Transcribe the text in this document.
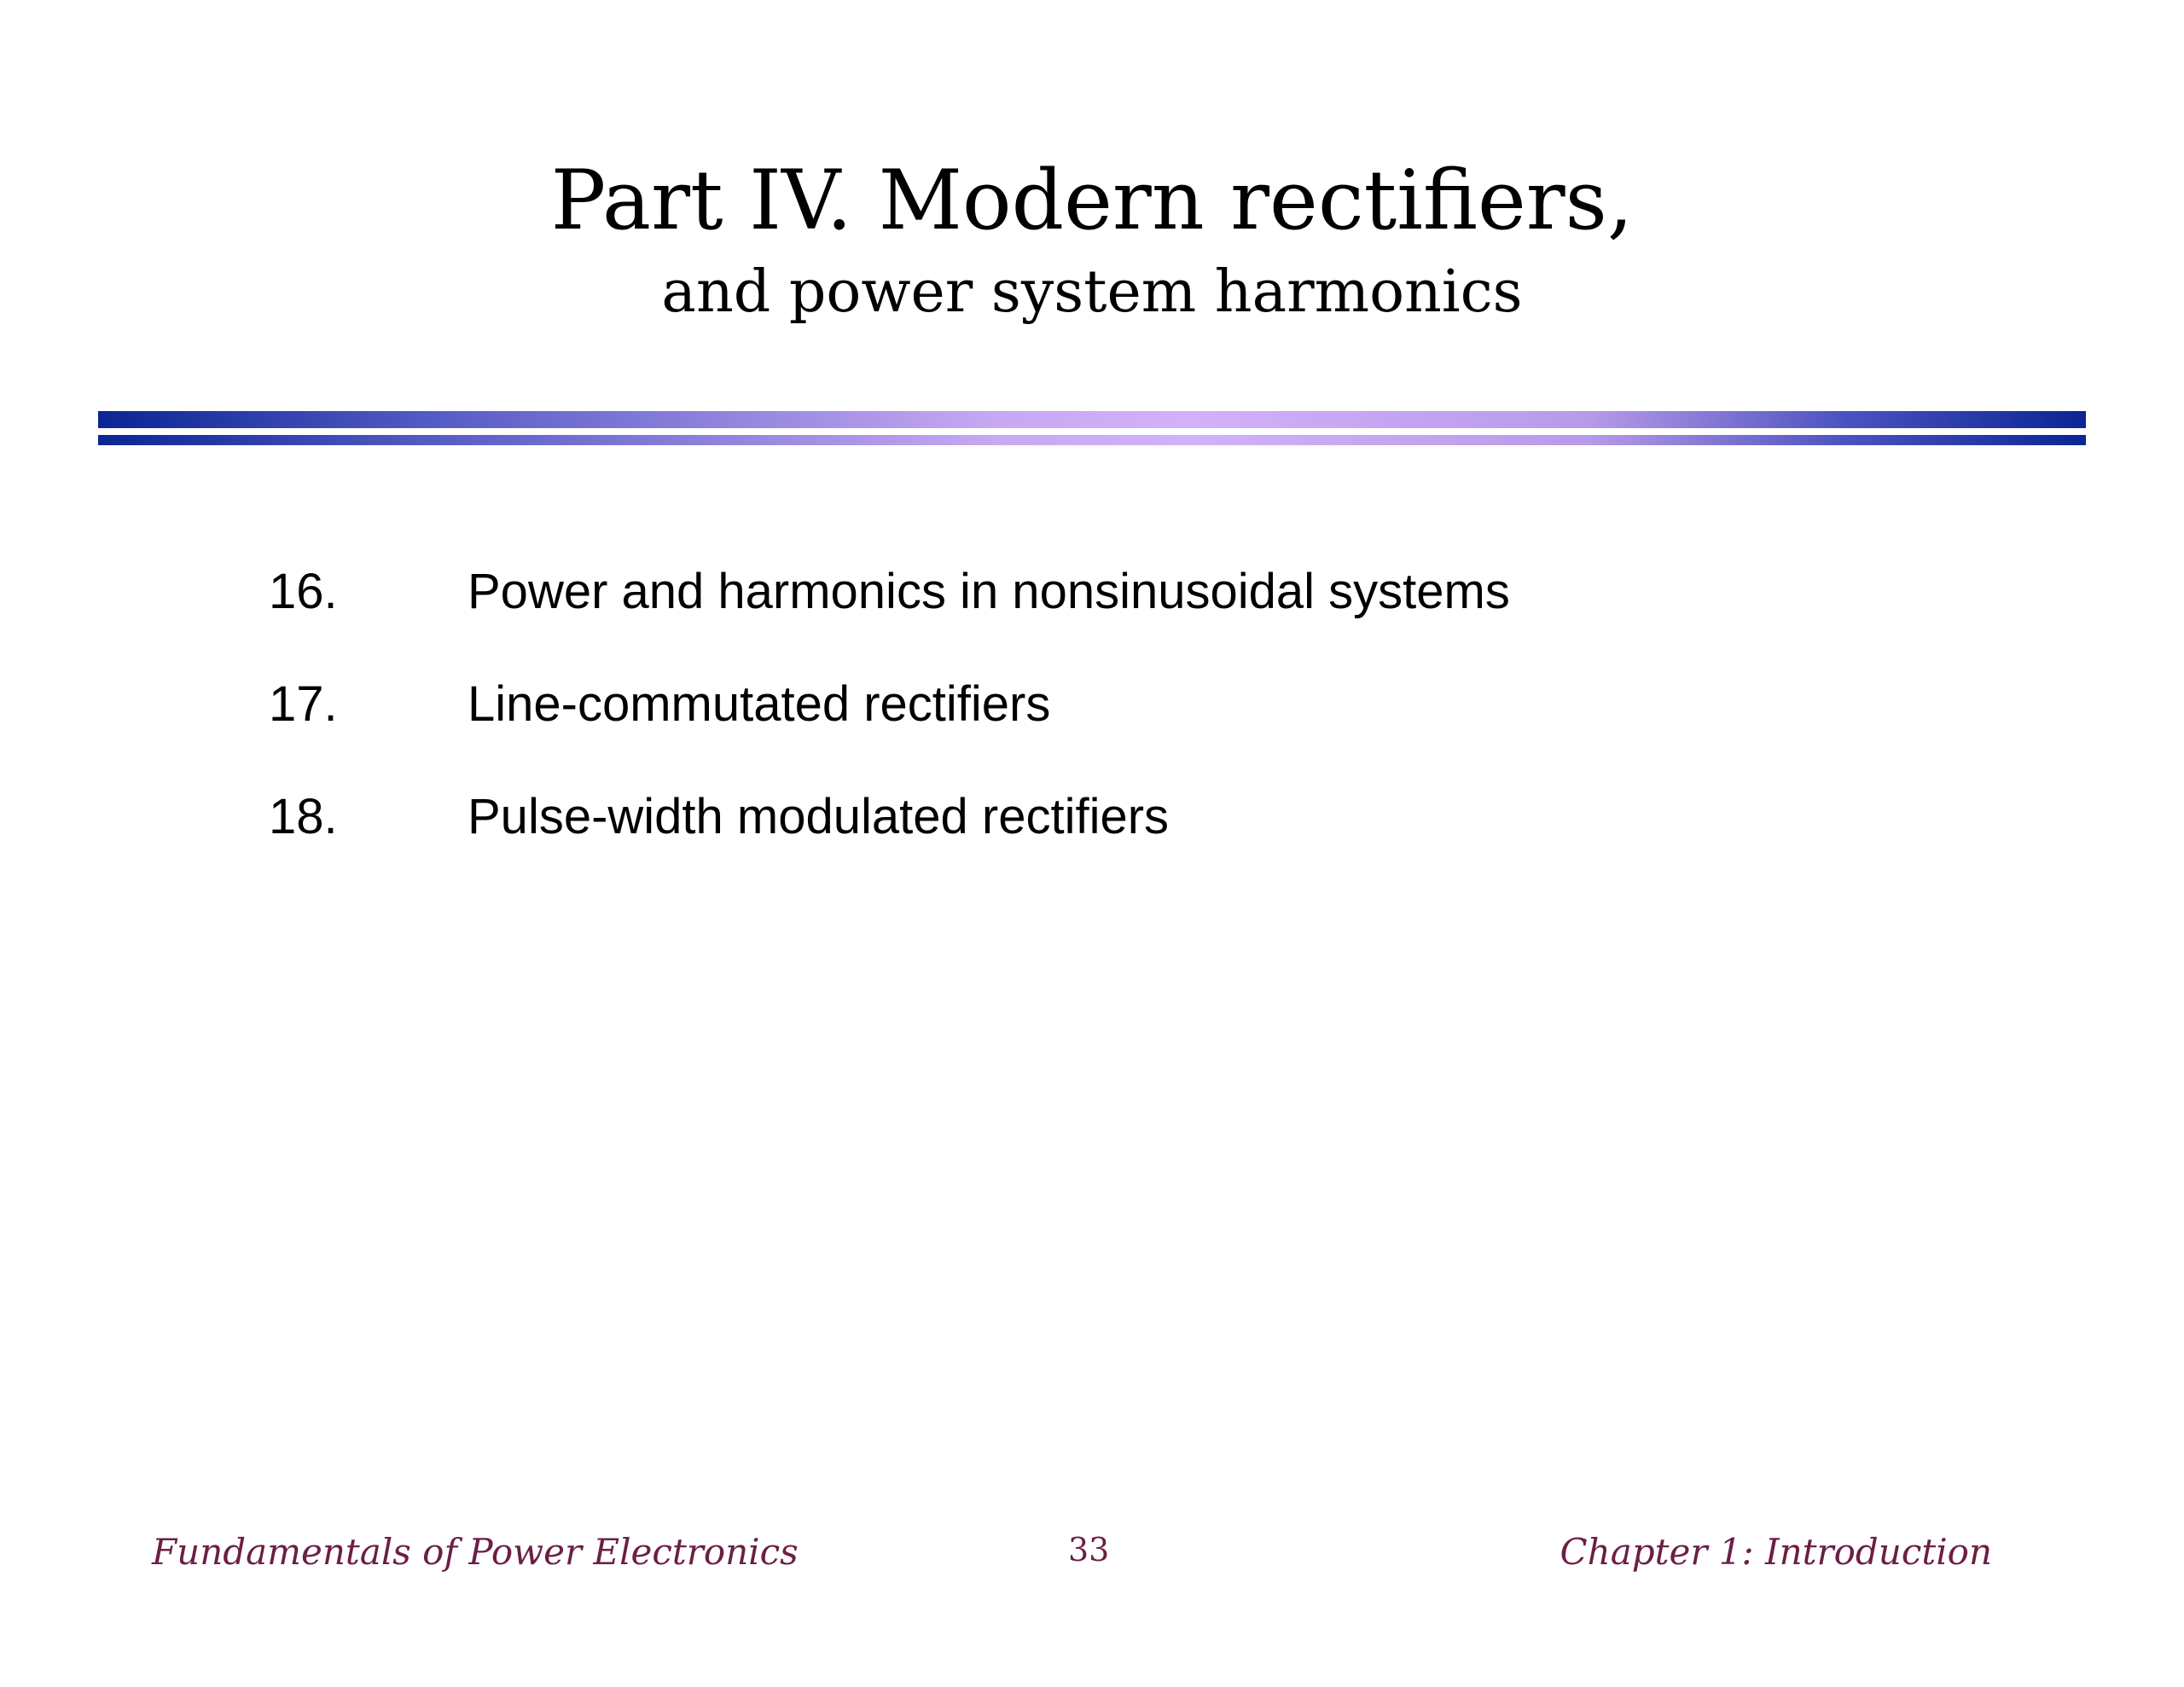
Part IV. Modern rectifiers,
and power system harmonics
16.	Power and harmonics in nonsinusoidal systems
17.	Line-commutated rectifiers
18.	Pulse-width modulated rectifiers
Fundamentals of Power Electronics	33	Chapter 1: Introduction
